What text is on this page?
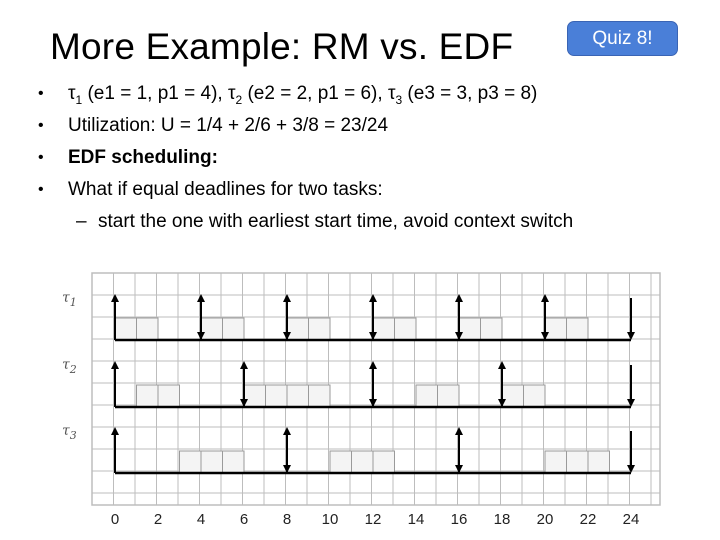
More Example: RM vs. EDF	Quiz 8!
• $\tau_1$ (e1 = 1, p1 = 4), $\tau_2$ (e2 = 2, p1 = 6), $\tau_3$ (e3 = 3, p3 = 8)
• Utilization: U = 1/4 + 2/6 + 3/8 = 23/24
• EDF scheduling:
• What if equal deadlines for two tasks:
– start the one with earliest start time, avoid context switch
$\tau_1$
$\tau_2$
$\tau_3$
0 2 4 6 8 10 12 14 16 18 20 22 24
